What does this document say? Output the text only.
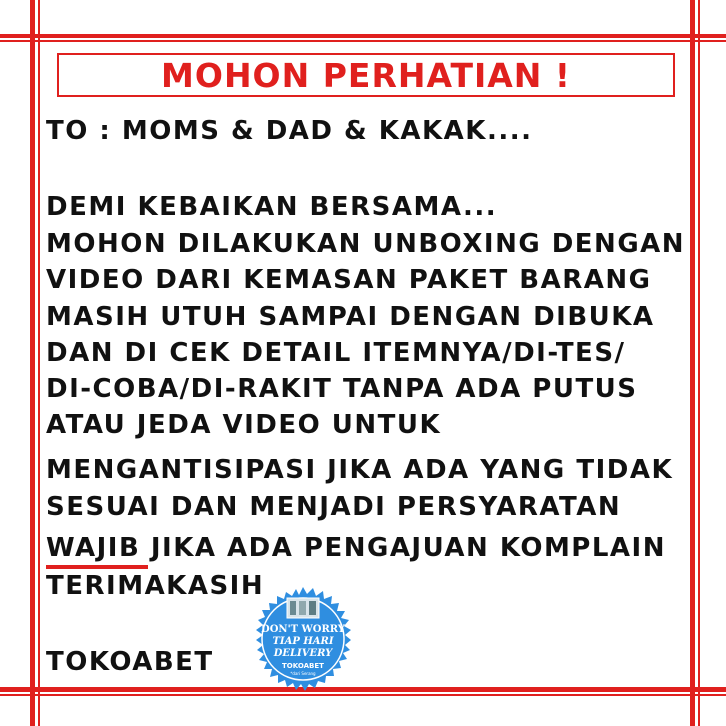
MOHON PERHATIAN !
TO : MOMS & DAD & KAKAK....
DEMI KEBAIKAN BERSAMA...
MOHON DILAKUKAN UNBOXING DENGAN
VIDEO DARI KEMASAN PAKET BARANG
MASIH UTUH SAMPAI DENGAN DIBUKA
DAN DI CEK DETAIL ITEMNYA/DI-TES/
DI-COBA/DI-RAKIT TANPA ADA PUTUS
ATAU JEDA VIDEO UNTUK
MENGANTISIPASI JIKA ADA YANG TIDAK
SESUAI DAN MENJADI PERSYARATAN
WAJIB JIKA ADA PENGAJUAN KOMPLAIN
TERIMAKASIH
TOKOABET
DON'T WORRY
TIAP HARI
DELIVERY
TOKOABET
*dari Serang
